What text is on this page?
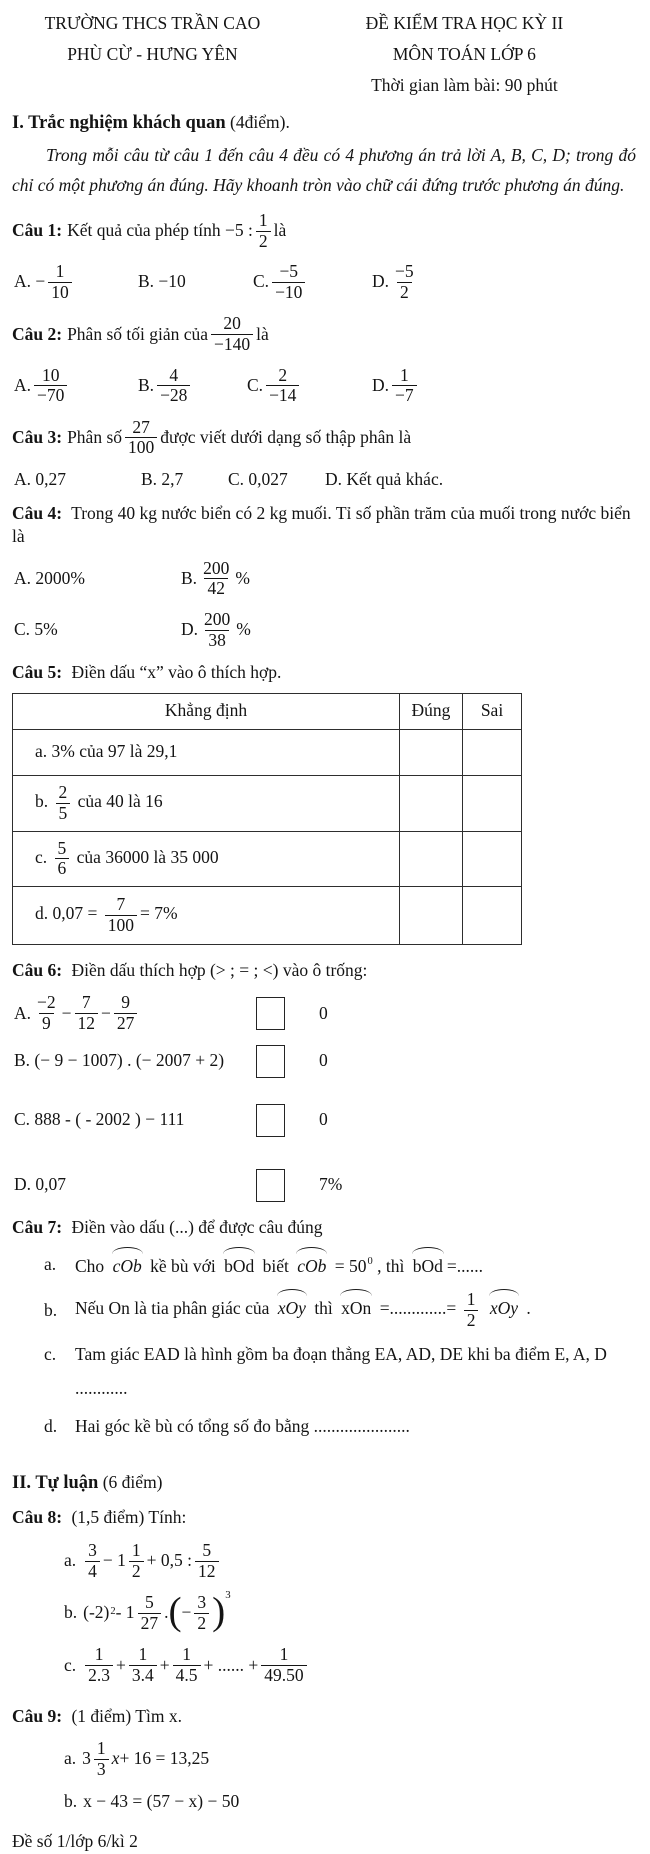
TRƯỜNG THCS TRẦN CAO
PHÙ CỪ - HƯNG YÊN
ĐỀ KIỂM TRA HỌC KỲ II
MÔN TOÁN LỚP 6
Thời gian làm bài: 90 phút
I. Trắc nghiệm khách quan (4điểm).

Trong mỗi câu từ câu 1 đến câu 4 đều có 4 phương án trả lời A, B, C, D; trong đó chỉ có một phương án đúng. Hãy khoanh tròn vào chữ cái đứng trước phương án đúng.

Câu 1: Kết quả của phép tính −5 : $\frac{1}{2}$ là
A. − $\frac{1}{10}$	B. −10	C. $\frac{-5}{-10}$	D. $\frac{-5}{2}$
Câu 2: Phân số tối giản của $\frac{20}{-140}$ là
A. $\frac{10}{-70}$	B. $\frac{4}{-28}$	C. $\frac{2}{-14}$	D. $\frac{1}{-7}$
Câu 3: Phân số $\frac{27}{100}$ được viết dưới dạng số thập phân là
A. 0,27	B. 2,7	C. 0,027	D. Kết quả khác.
Câu 4: Trong 40 kg nước biển có 2 kg muối. Tỉ số phần trăm của muối trong nước biển là
A. 2000%	B. $\frac{200}{42}$ %
C. 5%	D. $\frac{200}{38}$ %
Câu 5: Điền dấu “x” vào ô thích hợp.
Khẳng định	Đúng	Sai
a. 3% của 97 là 29,1		
b. $\frac{2}{5}$ của 40 là 16		
c. $\frac{5}{6}$ của 36000 là 35 000		
d. $0,07 = \frac{7}{100} = 7\%$		
Câu 6: Điền dấu thích hợp (> ; = ; <) vào ô trống:
A. $\frac{-2}{9} - \frac{7}{12} - \frac{9}{27}$	0
B. (− 9 − 1007) . (− 2007 + 2)	0
C. 888 - ( - 2002 ) − 111	0
D. 0,07	7%
Câu 7: Điền vào dấu (...) để được câu đúng
a.	Cho cOb kề bù với bOd biết cOb = $50^0$ , thì bOd =......
b.	Nếu On là tia phân giác của xOy thì xOn =.............= $\frac{1}{2}$ xOy .
c.	Tam giác EAD là hình gồm ba đoạn thẳng EA, AD, DE khi ba điểm E, A, D
............
d.	Hai góc kề bù có tổng số đo bằng ......................
II. Tự luận (6 điểm)
Câu 8: (1,5 điểm) Tính:
a. $\frac{3}{4} - 1 \frac{1}{2} + 0,5$ : $\frac{5}{12}$
b. $(-2)^2 - 1 \frac{5}{27}$ . ( − $\frac{3}{2} )^3$
c. $\frac{1}{2.3} + \frac{1}{3.4} + \frac{1}{4.5}$ + ...... + $\frac{1}{49.50}$
Câu 9: (1 điểm) Tìm x.
a. $3 \frac{1}{3}$ x + 16 = 13,25
b. x − 43 = (57 − x) − 50
Đề số 1/lớp 6/kì 2
